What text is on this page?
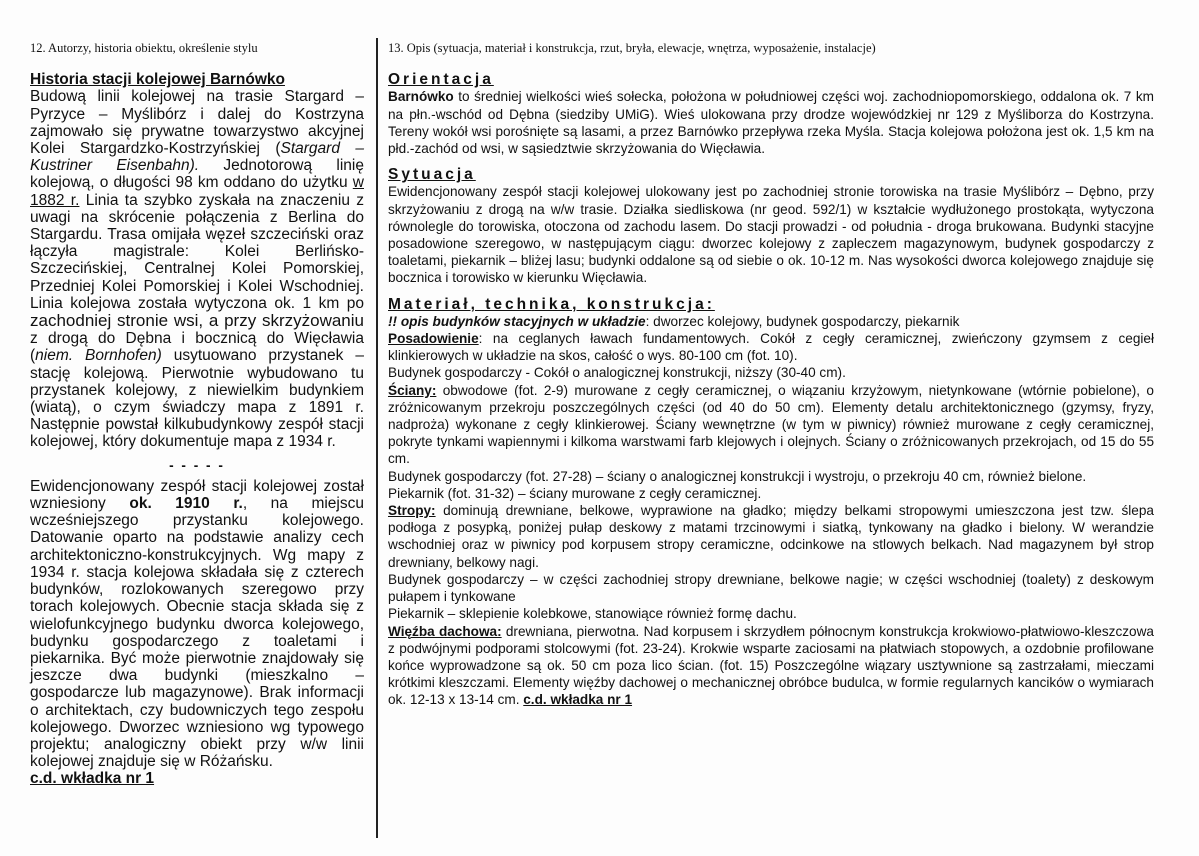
12. Autorzy, historia obiektu, określenie stylu
Historia stacji kolejowej Barnówko

Budową linii kolejowej na trasie Stargard – Pyrzyce – Myślibórz i dalej do Kostrzyna zajmowało się prywatne towarzystwo akcyjnej Kolei Stargardzko-Kostrzyńskiej (Stargard – Kustriner Eisenbahn). Jednotorową linię kolejową, o długości 98 km oddano do użytku w 1882 r. Linia ta szybko zyskała na znaczeniu z uwagi na skrócenie połączenia z Berlina do Stargardu. Trasa omijała węzeł szczeciński oraz łączyła magistrale: Kolei Berlińsko-Szczecińskiej, Centralnej Kolei Pomorskiej, Przedniej Kolei Pomorskiej i Kolei Wschodniej. Linia kolejowa została wytyczona ok. 1 km po zachodniej stronie wsi, a przy skrzyżowaniu z drogą do Dębna i bocznicą do Więcławia (niem. Bornhofen) usytuowano przystanek – stację kolejową. Pierwotnie wybudowano tu przystanek kolejowy, z niewielkim budynkiem (wiatą), o czym świadczy mapa z 1891 r. Następnie powstał kilkubudynkowy zespół stacji kolejowej, który dokumentuje mapa z 1934 r.

- - - - -

Ewidencjonowany zespół stacji kolejowej został wzniesiony ok. 1910 r., na miejscu wcześniejszego przystanku kolejowego. Datowanie oparto na podstawie analizy cech architektoniczno-konstrukcyjnych. Wg mapy z 1934 r. stacja kolejowa składała się z czterech budynków, rozlokowanych szeregowo przy torach kolejowych. Obecnie stacja składa się z wielofunkcyjnego budynku dworca kolejowego, budynku gospodarczego z toaletami i piekarnika. Być może pierwotnie znajdowały się jeszcze dwa budynki (mieszkalno – gospodarcze lub magazynowe). Brak informacji o architektach, czy budowniczych tego zespołu kolejowego. Dworzec wzniesiono wg typowego projektu; analogiczny obiekt przy w/w linii kolejowej znajduje się w Różańsku.

c.d. wkładka nr 1
13. Opis (sytuacja, materiał i konstrukcja, rzut, bryła, elewacje, wnętrza, wyposażenie, instalacje)
Orientacja

Barnówko to średniej wielkości wieś sołecka, położona w południowej części woj. zachodniopomorskiego, oddalona ok. 7 km na płn.-wschód od Dębna (siedziby UMiG). Wieś ulokowana przy drodze wojewódzkiej nr 129 z Myśliborza do Kostrzyna. Tereny wokół wsi porośnięte są lasami, a przez Barnówko przepływa rzeka Myśla. Stacja kolejowa położona jest ok. 1,5 km na płd.-zachód od wsi, w sąsiedztwie skrzyżowania do Więcławia.

Sytuacja

Ewidencjonowany zespół stacji kolejowej ulokowany jest po zachodniej stronie torowiska na trasie Myślibórz – Dębno, przy skrzyżowaniu z drogą na w/w trasie. Działka siedliskowa (nr geod. 592/1) w kształcie wydłużonego prostokąta, wytyczona równolegle do torowiska, otoczona od zachodu lasem. Do stacji prowadzi - od południa - droga brukowana. Budynki stacyjne posadowione szeregowo, w następującym ciągu: dworzec kolejowy z zapleczem magazynowym, budynek gospodarczy z toaletami, piekarnik – bliżej lasu; budynki oddalone są od siebie o ok. 10-12 m. Nas wysokości dworca kolejowego znajduje się bocznica i torowisko w kierunku Więcławia.

Materiał, technika, konstrukcja:

!! opis budynków stacyjnych w układzie: dworzec kolejowy, budynek gospodarczy, piekarnik

Posadowienie: na ceglanych ławach fundamentowych. Cokół z cegły ceramicznej, zwieńczony gzymsem z cegieł klinkierowych w układzie na skos, całość o wys. 80-100 cm (fot. 10).

Budynek gospodarczy - Cokół o analogicznej konstrukcji, niższy (30-40 cm).

Ściany: obwodowe (fot. 2-9) murowane z cegły ceramicznej, o wiązaniu krzyżowym, nietynkowane (wtórnie pobielone), o zróżnicowanym przekroju poszczególnych części (od 40 do 50 cm). Elementy detalu architektonicznego (gzymsy, fryzy, nadproża) wykonane z cegły klinkierowej. Ściany wewnętrzne (w tym w piwnicy) również murowane z cegły ceramicznej, pokryte tynkami wapiennymi i kilkoma warstwami farb klejowych i olejnych. Ściany o zróżnicowanych przekrojach, od 15 do 55 cm.

Budynek gospodarczy (fot. 27-28) – ściany o analogicznej konstrukcji i wystroju, o przekroju 40 cm, również bielone.

Piekarnik (fot. 31-32) – ściany murowane z cegły ceramicznej.

Stropy: dominują drewniane, belkowe, wyprawione na gładko; między belkami stropowymi umieszczona jest tzw. ślepa podłoga z posypką, poniżej pułap deskowy z matami trzcinowymi i siatką, tynkowany na gładko i bielony. W werandzie wschodniej oraz w piwnicy pod korpusem stropy ceramiczne, odcinkowe na stlowych belkach. Nad magazynem był strop drewniany, belkowy nagi.

Budynek gospodarczy – w części zachodniej stropy drewniane, belkowe nagie; w części wschodniej (toalety) z deskowym pułapem i tynkowane

Piekarnik – sklepienie kolebkowe, stanowiące również formę dachu.

Więźba dachowa: drewniana, pierwotna. Nad korpusem i skrzydłem północnym konstrukcja krokwiowo-płatwiowo-kleszczowa z podwójnymi podporami stolcowymi (fot. 23-24). Krokwie wsparte zaciosami na płatwiach stopowych, a ozdobnie profilowane końce wyprowadzone są ok. 50 cm poza lico ścian. (fot. 15) Poszczególne wiązary usztywnione są zastrzałami, mieczami krótkimi kleszczami. Elementy więźby dachowej o mechanicznej obróbce budulca, w formie regularnych kancików o wymiarach ok. 12-13 x 13-14 cm. c.d. wkładka nr 1
